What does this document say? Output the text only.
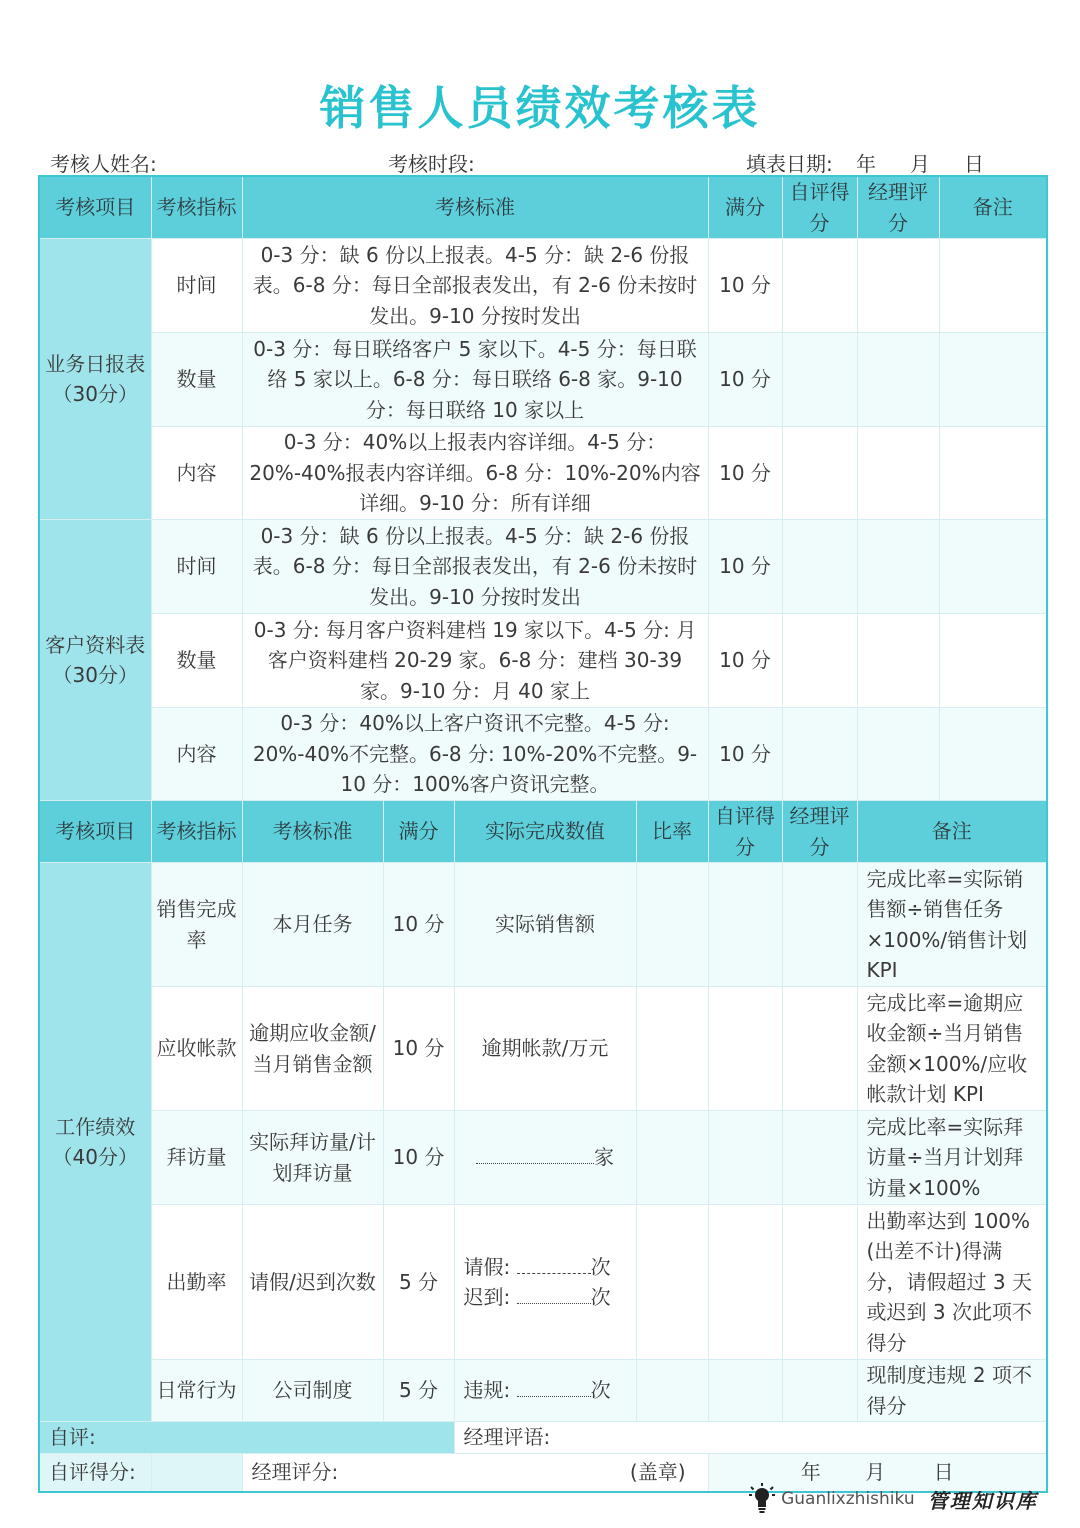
销售人员绩效考核表
考核人姓名:	考核时段:	填表日期: 年 月 日
考核项目	考核指标	考核标准				满分	自评得分	经理评分	备注
业务日报表（30分）	时间	0-3 分：缺 6 份以上报表。4-5 分：缺 2-6 份报表。6-8 分：每日全部报表发出，有 2-6 份未按时发出。9-10 分按时发出				10 分			
	数量	0-3 分：每日联络客户 5 家以下。4-5 分：每日联络 5 家以上。6-8 分：每日联络 6-8 家。9-10 分：每日联络 10 家以上				10 分			
	内容	0-3 分：40%以上报表内容详细。4-5 分：20%-40%报表内容详细。6-8 分：10%-20%内容详细。9-10 分：所有详细				10 分			
客户资料表（30分）	时间	0-3 分：缺 6 份以上报表。4-5 分：缺 2-6 份报表。6-8 分：每日全部报表发出，有 2-6 份未按时发出。9-10 分按时发出				10 分			
	数量	0-3 分: 每月客户资料建档 19 家以下。4-5 分: 月客户资料建档 20-29 家。6-8 分：建档 30-39 家。9-10 分：月 40 家上				10 分			
	内容	0-3 分：40%以上客户资讯不完整。4-5 分: 20%-40%不完整。6-8 分: 10%-20%不完整。9-10 分：100%客户资讯完整。				10 分			
考核项目	考核指标	考核标准	满分	实际完成数值	比率	自评得分	经理评分	备注	
工作绩效（40分）	销售完成率	本月任务	10 分	实际销售额				完成比率=实际销售额÷销售任务×100%/销售计划KPI	
	应收帐款	逾期应收金额/当月销售金额	10 分	逾期帐款/万元				完成比率=逾期应收金额÷当月销售金额×100%/应收帐款计划 KPI	
	拜访量	实际拜访量/计划拜访量	10 分	家				完成比率=实际拜访量÷当月计划拜访量×100%	
	出勤率	请假/迟到次数	5 分	请假: 次
迟到: 次				出勤率达到 100%(出差不计)得满分，请假超过 3 天或迟到 3 次此项不得分	
	日常行为	公司制度	5 分	违规: 次				现制度违规 2 项不得分	
自评:				经理评语:					
自评得分:		经理评分: (盖章)				年 月 日			
Guanlixzhishiku 管理知识库
